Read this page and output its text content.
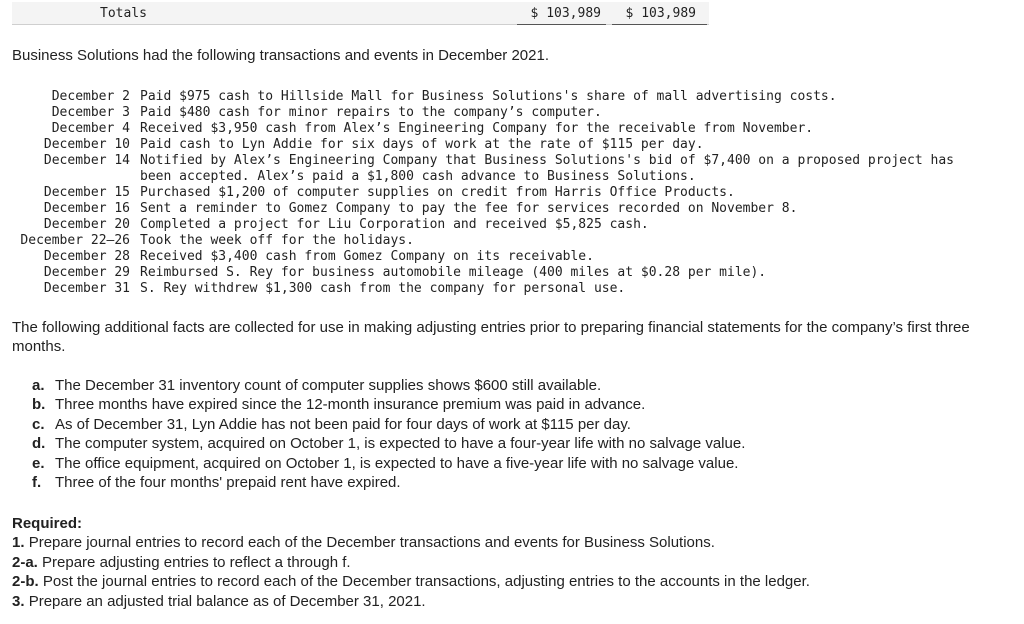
Totals	$ 103,989	$ 103,989
Business Solutions had the following transactions and events in December 2021.
December 2 Paid $975 cash to Hillside Mall for Business Solutions's share of mall advertising costs.
December 3 Paid $480 cash for minor repairs to the company’s computer.
December 4 Received $3,950 cash from Alex’s Engineering Company for the receivable from November.
December 10 Paid cash to Lyn Addie for six days of work at the rate of $115 per day.
December 14 Notified by Alex’s Engineering Company that Business Solutions's bid of $7,400 on a proposed project has
been accepted. Alex’s paid a $1,800 cash advance to Business Solutions.
December 15 Purchased $1,200 of computer supplies on credit from Harris Office Products.
December 16 Sent a reminder to Gomez Company to pay the fee for services recorded on November 8.
December 20 Completed a project for Liu Corporation and received $5,825 cash.
December 22–26 Took the week off for the holidays.
December 28 Received $3,400 cash from Gomez Company on its receivable.
December 29 Reimbursed S. Rey for business automobile mileage (400 miles at $0.28 per mile).
December 31 S. Rey withdrew $1,300 cash from the company for personal use.
The following additional facts are collected for use in making adjusting entries prior to preparing financial statements for the company’s first three months.
a. The December 31 inventory count of computer supplies shows $600 still available.
b. Three months have expired since the 12-month insurance premium was paid in advance.
c. As of December 31, Lyn Addie has not been paid for four days of work at $115 per day.
d. The computer system, acquired on October 1, is expected to have a four-year life with no salvage value.
e. The office equipment, acquired on October 1, is expected to have a five-year life with no salvage value.
f. Three of the four months' prepaid rent have expired.
Required:
1. Prepare journal entries to record each of the December transactions and events for Business Solutions.
2-a. Prepare adjusting entries to reflect a through f.
2-b. Post the journal entries to record each of the December transactions, adjusting entries to the accounts in the ledger.
3. Prepare an adjusted trial balance as of December 31, 2021.
